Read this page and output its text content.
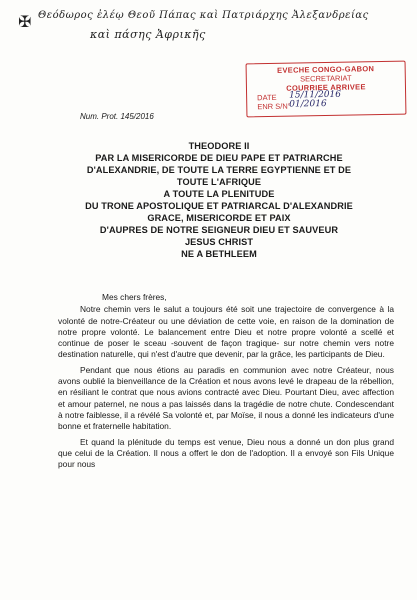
✠ Θεόδωρος ἐλέῳ Θεοῦ Πάπας καὶ Πατριάρχης Ἀλεξανδρείας
καὶ πάσης Ἀφρικῆς
EVECHE CONGO-GABON
SECRETARIAT
COURRIEE ARRIVEE
DATE 15/11/2016
ENR S/N°
01/2016
Num. Prot. 145/2016
THEODORE II
PAR LA MISERICORDE DE DIEU PAPE ET PATRIARCHE
D'ALEXANDRIE, DE TOUTE LA TERRE EGYPTIENNE ET DE
TOUTE L'AFRIQUE
A TOUTE LA PLENITUDE
DU TRONE APOSTOLIQUE ET PATRIARCAL D'ALEXANDRIE
GRACE, MISERICORDE ET PAIX
D'AUPRES DE NOTRE SEIGNEUR DIEU ET SAUVEUR
JESUS CHRIST
NE A BETHLEEM
Mes chers frères,

Notre chemin vers le salut a toujours été soit une trajectoire de convergence à la volonté de notre-Créateur ou une déviation de cette voie, en raison de la domination de notre propre volonté. Le balancement entre Dieu et notre propre volonté a scellé et continue de poser le sceau -souvent de façon tragique- sur notre chemin vers notre destination naturelle, qui n'est d'autre que devenir, par la grâce, les participants de Dieu.

Pendant que nous étions au paradis en communion avec notre Créateur, nous avons oublié la bienveillance de la Création et nous avons levé le drapeau de la rébellion, en résiliant le contrat que nous avions contracté avec Dieu. Pourtant Dieu, avec affection et amour paternel, ne nous a pas laissés dans la tragédie de notre chute. Condescendant à notre faiblesse, il a révélé Sa volonté et, par Moïse, il nous a donné les indicateurs d'une bonne et fraternelle habitation.

Et quand la plénitude du temps est venue, Dieu nous a donné un don plus grand que celui de la Création. Il nous a offert le don de l'adoption. Il a envoyé son Fils Unique pour nous
